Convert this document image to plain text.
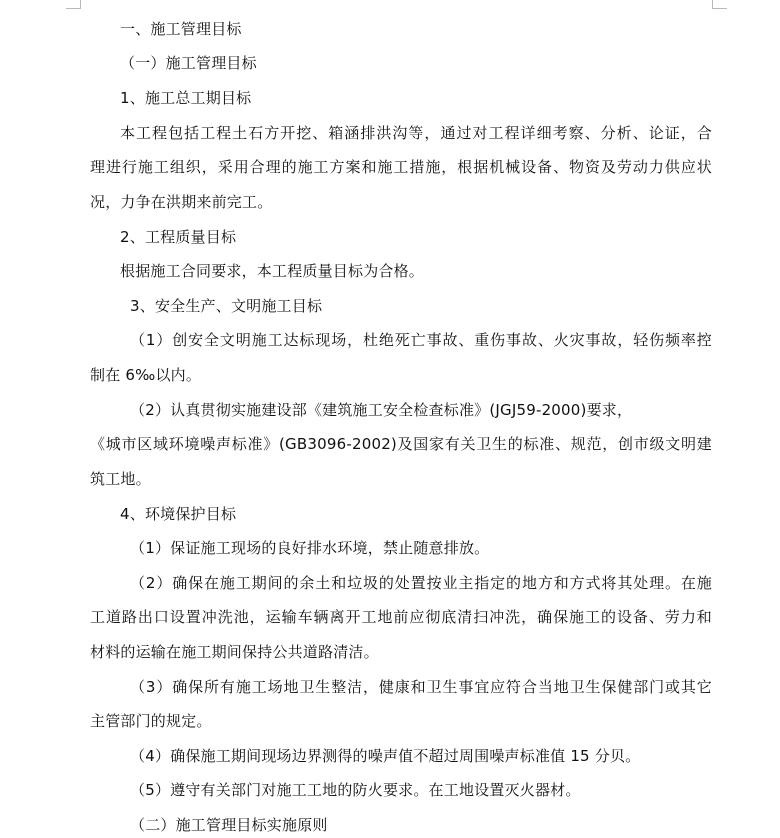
一、施工管理目标
（一）施工管理目标
1、施工总工期目标
本工程包括工程土石方开挖、箱涵排洪沟等，通过对工程详细考察、分析、论证，合
理进行施工组织，采用合理的施工方案和施工措施，根据机械设备、物资及劳动力供应状
况，力争在洪期来前完工。
2、工程质量目标
根据施工合同要求，本工程质量目标为合格。
3、安全生产、文明施工目标
（1）创安全文明施工达标现场，杜绝死亡事故、重伤事故、火灾事故，轻伤频率控
制在 6‰以内。
（2）认真贯彻实施建设部《建筑施工安全检查标准》(JGJ59-2000)要求，
《城市区域环境噪声标准》(GB3096-2002)及国家有关卫生的标准、规范，创市级文明建
筑工地。
4、环境保护目标
（1）保证施工现场的良好排水环境，禁止随意排放。
（2）确保在施工期间的余土和垃圾的处置按业主指定的地方和方式将其处理。在施
工道路出口设置冲洗池，运输车辆离开工地前应彻底清扫冲洗，确保施工的设备、劳力和
材料的运输在施工期间保持公共道路清洁。
（3）确保所有施工场地卫生整洁，健康和卫生事宜应符合当地卫生保健部门或其它
主管部门的规定。
（4）确保施工期间现场边界测得的噪声值不超过周围噪声标准值 15 分贝。
（5）遵守有关部门对施工工地的防火要求。在工地设置灭火器材。
（二）施工管理目标实施原则
